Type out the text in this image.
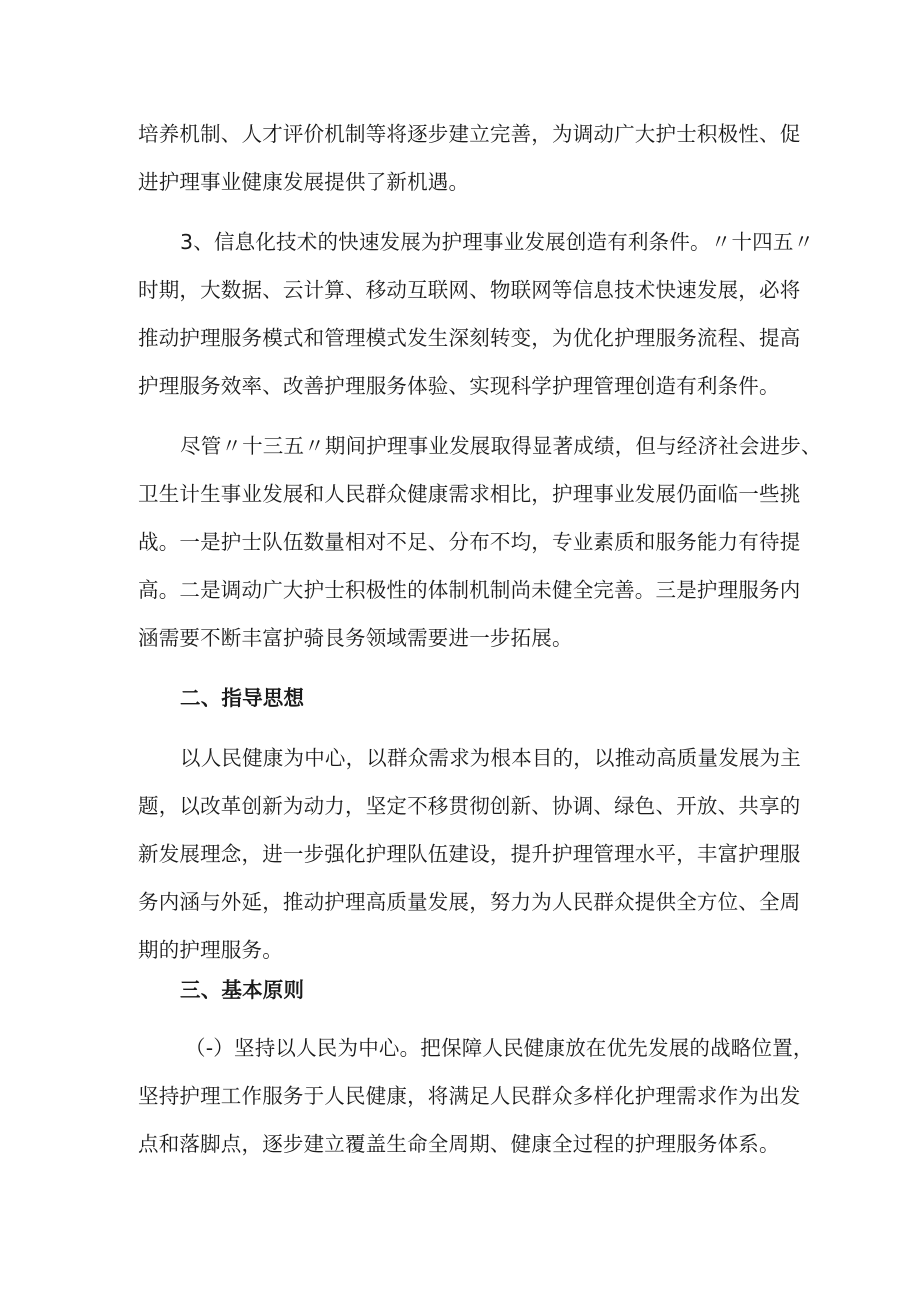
培养机制、人才评价机制等将逐步建立完善，为调动广大护士积极性、促
进护理事业健康发展提供了新机遇。
3、信息化技术的快速发展为护理事业发展创造有利条件。〃十四五〃
时期，大数据、云计算、移动互联网、物联网等信息技术快速发展，必将
推动护理服务模式和管理模式发生深刻转变，为优化护理服务流程、提高
护理服务效率、改善护理服务体验、实现科学护理管理创造有利条件。
尽管〃十三五〃期间护理事业发展取得显著成绩，但与经济社会进步、
卫生计生事业发展和人民群众健康需求相比，护理事业发展仍面临一些挑
战。一是护士队伍数量相对不足、分布不均，专业素质和服务能力有待提
高。二是调动广大护士积极性的体制机制尚未健全完善。三是护理服务内
涵需要不断丰富护骑艮务领域需要进一步拓展。
二、指导思想
以人民健康为中心，以群众需求为根本目的，以推动高质量发展为主
题，以改革创新为动力，坚定不移贯彻创新、协调、绿色、开放、共享的
新发展理念，进一步强化护理队伍建设，提升护理管理水平，丰富护理服
务内涵与外延，推动护理高质量发展，努力为人民群众提供全方位、全周
期的护理服务。
三、基本原则
（-）坚持以人民为中心。把保障人民健康放在优先发展的战略位置，
坚持护理工作服务于人民健康，将满足人民群众多样化护理需求作为出发
点和落脚点，逐步建立覆盖生命全周期、健康全过程的护理服务体系。
